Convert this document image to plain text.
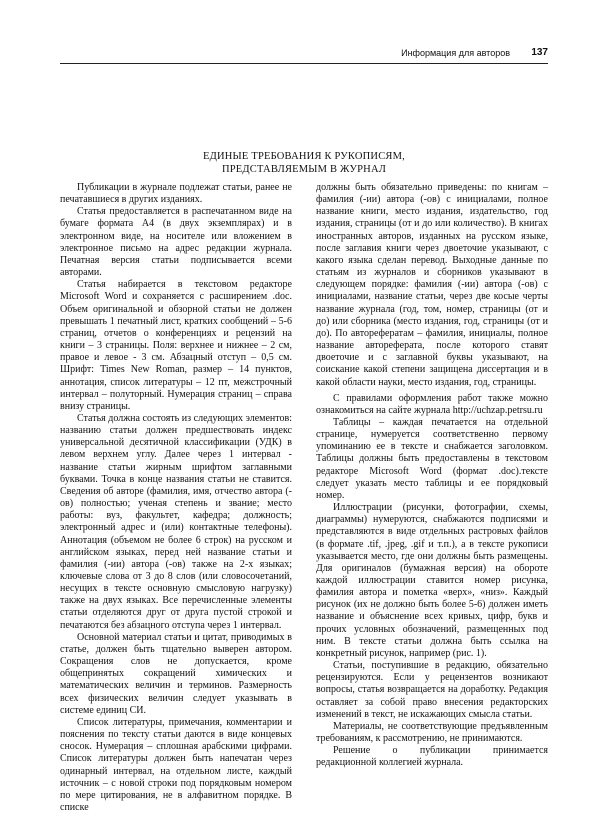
Информация для авторов 137
ЕДИНЫЕ ТРЕБОВАНИЯ К РУКОПИСЯМ,
ПРЕДСТАВЛЯЕМЫМ В ЖУРНАЛ

Публикации в журнале подлежат статьи, ранее не печатавшиеся в других изданиях.

Статья предоставляется в распечатанном виде на бумаге формата А4 (в двух экземплярах) и в электронном виде, на носителе или вложением в электронное письмо на адрес редакции журнала. Печатная версия статьи подписывается всеми авторами.

Статья набирается в текстовом редакторе Microsoft Word и сохраняется с расширением .doc. Объем оригинальной и обзорной статьи не должен превышать 1 печатный лист, кратких сообщений – 5-6 страниц, отчетов о конференциях и рецензий на книги – 3 страницы. Поля: верхнее и нижнее – 2 см, правое и левое - 3 см. Абзацный отступ – 0,5 см. Шрифт: Times New Roman, размер – 14 пунктов, аннотация, список литературы – 12 пт, межстрочный интервал – полуторный. Нумерация страниц – справа внизу страницы.

Статья должна состоять из следующих элементов: названию статьи должен предшествовать индекс универсальной десятичной классификации (УДК) в левом верхнем углу. Далее через 1 интервал - название статьи жирным шрифтом заглавными буквами. Точка в конце названия статьи не ставится. Сведения об авторе (фамилия, имя, отчество автора (-ов) полностью; ученая степень и звание; место работы: вуз, факультет, кафедра; должность; электронный адрес и (или) контактные телефоны). Аннотация (объемом не более 6 строк) на русском и английском языках, перед ней название статьи и фамилия (-ии) автора (-ов) также на 2-х языках; ключевые слова от 3 до 8 слов (или словосочетаний, несущих в тексте основную смысловую нагрузку) также на двух языках. Все перечисленные элементы статьи отделяются друг от друга пустой строкой и печатаются без абзацного отступа через 1 интервал.

Основной материал статьи и цитат, приводимых в статье, должен быть тщательно выверен автором. Сокращения слов не допускается, кроме общепринятых сокращений химических и математических величин и терминов. Размерность всех физических величин следует указывать в системе единиц СИ.

Список литературы, примечания, комментарии и пояснения по тексту статьи даются в виде концевых сносок. Нумерация – сплошная арабскими цифрами. Список литературы должен быть напечатан через одинарный интервал, на отдельном листе, каждый источник – с новой строки под порядковым номером по мере цитирования, не в алфавитном порядке. В списке

должны быть обязательно приведены: по книгам – фамилия (-ии) автора (-ов) с инициалами, полное название книги, место издания, издательство, год издания, страницы (от и до или количество). В книгах иностранных авторов, изданных на русском языке, после заглавия книги через двоеточие указывают, с какого языка сделан перевод. Выходные данные по статьям из журналов и сборников указывают в следующем порядке: фамилия (-ии) автора (-ов) с инициалами, название статьи, через две косые черты название журнала (год, том, номер, страницы (от и до) или сборника (место издания, год, страницы (от и до). По авторефератам – фамилия, инициалы, полное название автореферата, после которого ставят двоеточие и с заглавной буквы указывают, на соискание какой степени защищена диссертация и в какой области науки, место издания, год, страницы.

С правилами оформления работ также можно ознакомиться на сайте журнала http://uchzap.petrsu.ru

Таблицы – каждая печатается на отдельной странице, нумеруется соответственно первому упоминанию ее в тексте и снабжается заголовком. Таблицы должны быть предоставлены в текстовом редакторе Microsoft Word (формат .doc).тексте следует указать место таблицы и ее порядковый номер.

Иллюстрации (рисунки, фотографии, схемы, диаграммы) нумеруются, снабжаются подписями и представляются в виде отдельных растровых файлов (в формате .tif, .jpeg, .gif и т.п.), а в тексте рукописи указывается место, где они должны быть размещены. Для оригиналов (бумажная версия) на обороте каждой иллюстрации ставится номер рисунка, фамилия автора и пометка «верх», «низ». Каждый рисунок (их не должно быть более 5-6) должен иметь название и объяснение всех кривых, цифр, букв и прочих условных обозначений, размещенных под ним. В тексте статьи должна быть ссылка на конкретный рисунок, например (рис. 1).

Статьи, поступившие в редакцию, обязательно рецензируются. Если у рецензентов возникают вопросы, статья возвращается на доработку. Редакция оставляет за собой право внесения редакторских изменений в текст, не искажающих смысла статьи.

Материалы, не соответствующие предъявленным требованиям, к рассмотрению, не принимаются.

Решение о публикации принимается редакционной коллегией журнала.
